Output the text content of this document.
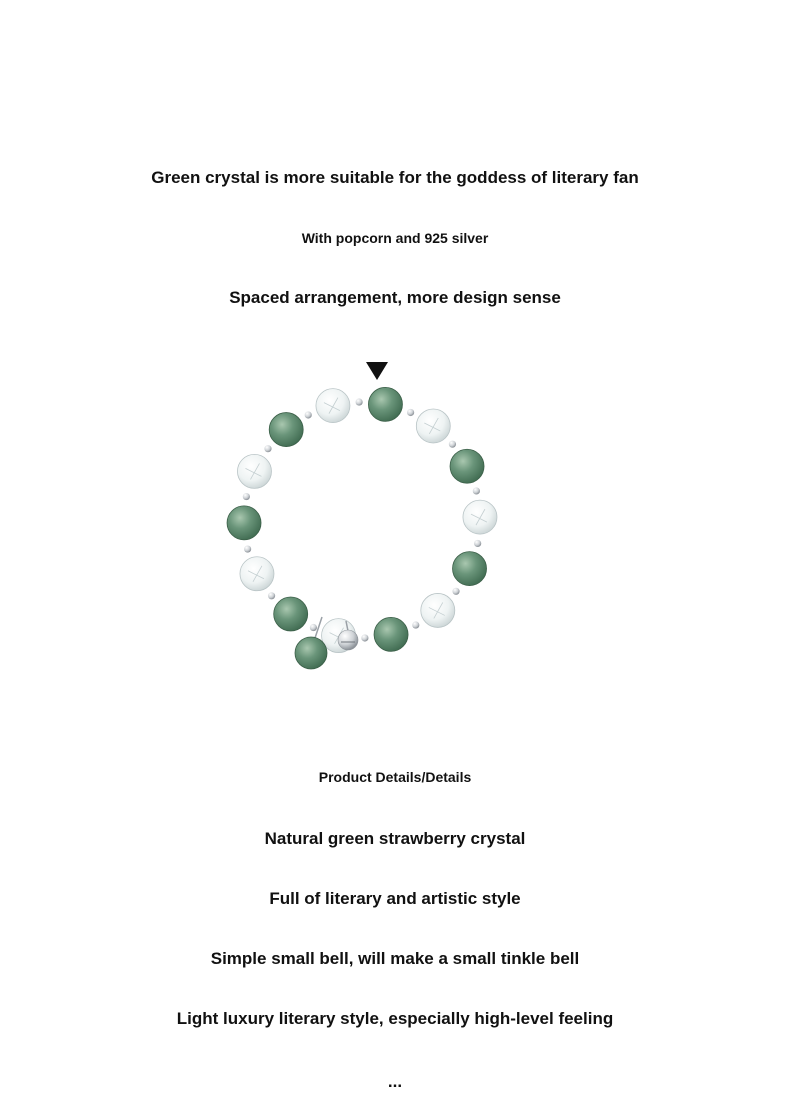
Green crystal is more suitable for the goddess of literary fan
With popcorn and 925 silver
Spaced arrangement, more design sense
Product Details/Details
Natural green strawberry crystal
Full of literary and artistic style
Simple small bell, will make a small tinkle bell
Light luxury literary style, especially high-level feeling
...
